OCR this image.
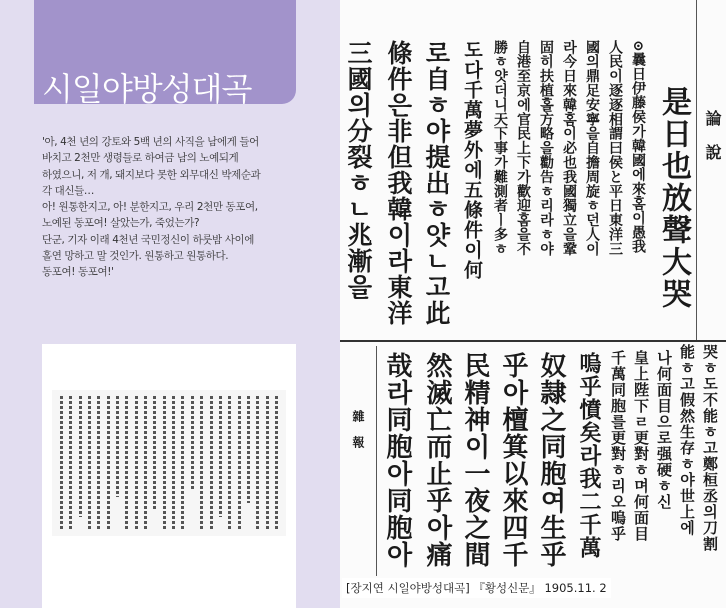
시일야방성대곡
'아, 4천 년의 강토와 5백 년의 사직을 남에게 들어
바치고 2천만 생령들로 하여금 남의 노예되게
하였으니, 저 개, 돼지보다 못한 외무대신 박제순과
각 대신들…
아! 원통한지고, 아! 분한지고, 우리 2천만 동포여,
노예된 동포여! 살았는가, 죽었는가?
단군, 기자 이래 4천년 국민정신이 하룻밤 사이에
홀연 망하고 말 것인가. 원통하고 원통하다.
동포여! 동포여!'
論說
是日也放聲大哭
⊙曩日伊藤侯가韓國에來홈이愚我
人民이逐逐相謂曰侯と平日東洋三
國의鼎足安寧을自擔周旋ㅎ던人이
라今日來韓홈이必也我國獨立을鞏
固히扶植홀方略을勸告ㅎ리라ㅎ야
自港至京에官民上下가歡迎홈을不
勝ㅎ얏더니天下事가難測者ㅣ多ㅎ
도다千萬夢外에五條件이何
로自ㅎ야提出ㅎ얏ㄴ고此
條件은非但我韓이라東洋
三國의分裂ㅎㄴ兆漸을
哭ㅎ도不能ㅎ고鄭桓丞의刀割
能ㅎ고假然生存ㅎ야世上에
나何面目으로强硬ㅎ신
皇上陛下ㄹ更對ㅎ며何面目
千萬同胞를更對ㅎ리오嗚乎
嗚乎憤矣라我二千萬
奴隷之同胞여生乎
乎아檀箕以來四千
民精神이一夜之間
然滅亡而止乎아痛
哉라同胞아同胞아
雜報
[장지연 시일야방성대곡] 『황성신문』 1905.11. 2
